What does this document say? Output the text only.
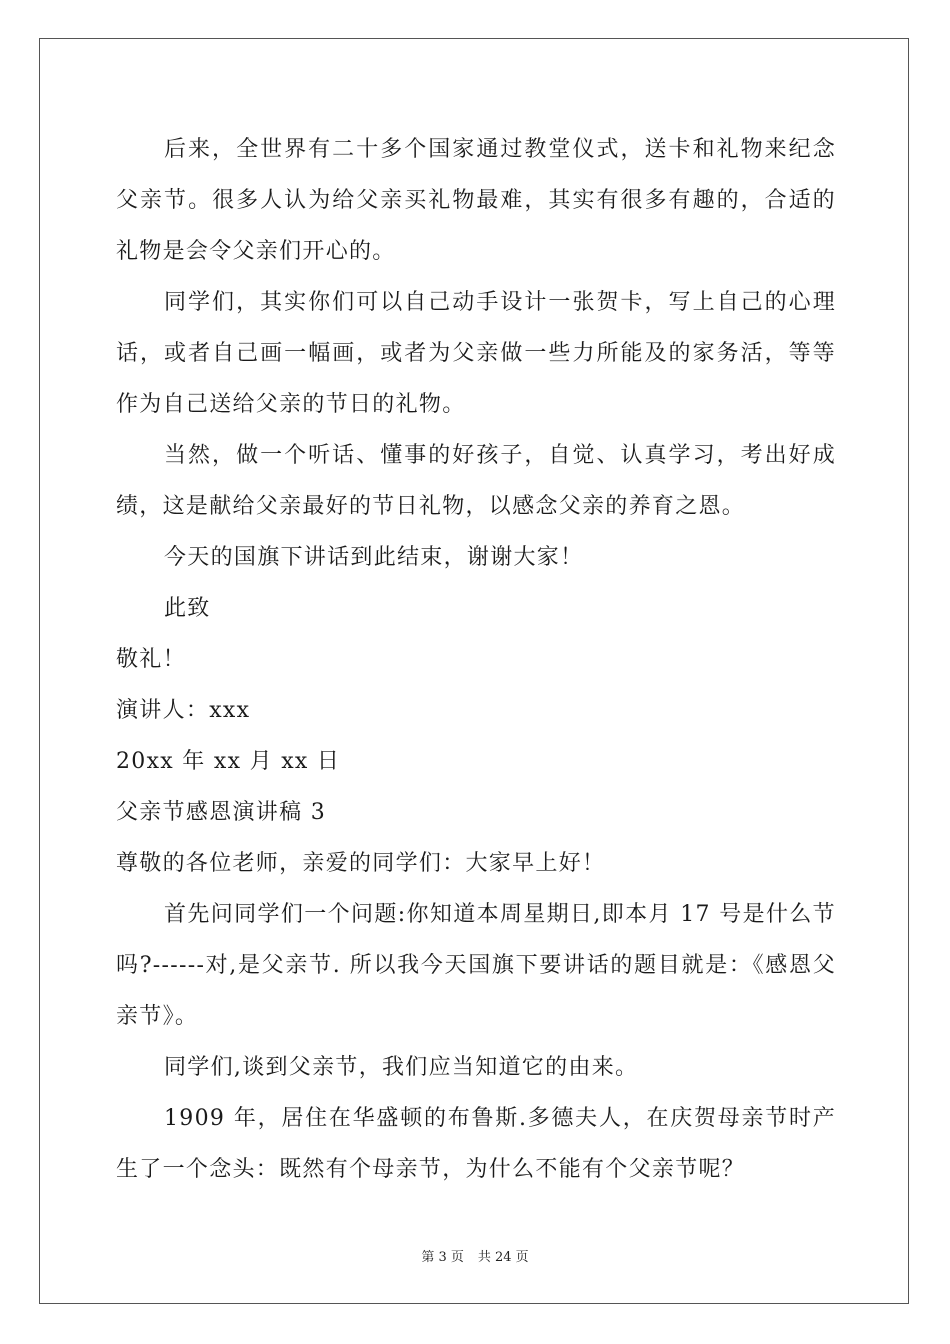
后来，全世界有二十多个国家通过教堂仪式，送卡和礼物来纪念父亲节。很多人认为给父亲买礼物最难，其实有很多有趣的，合适的礼物是会令父亲们开心的。

同学们，其实你们可以自己动手设计一张贺卡，写上自己的心理话，或者自己画一幅画，或者为父亲做一些力所能及的家务活，等等作为自己送给父亲的节日的礼物。

当然，做一个听话、懂事的好孩子，自觉、认真学习，考出好成绩，这是献给父亲最好的节日礼物，以感念父亲的养育之恩。

今天的国旗下讲话到此结束，谢谢大家！

此致

敬礼！

演讲人：xxx

20xx 年 xx 月 xx 日

父亲节感恩演讲稿 3

尊敬的各位老师，亲爱的同学们：大家早上好！

首先问同学们一个问题:你知道本周星期日,即本月 17 号是什么节吗?------对,是父亲节. 所以我今天国旗下要讲话的题目就是：《感恩父亲节》。

同学们,谈到父亲节，我们应当知道它的由来。

1909 年，居住在华盛顿的布鲁斯.多德夫人，在庆贺母亲节时产生了一个念头：既然有个母亲节，为什么不能有个父亲节呢？

第 3 页 共 24 页
